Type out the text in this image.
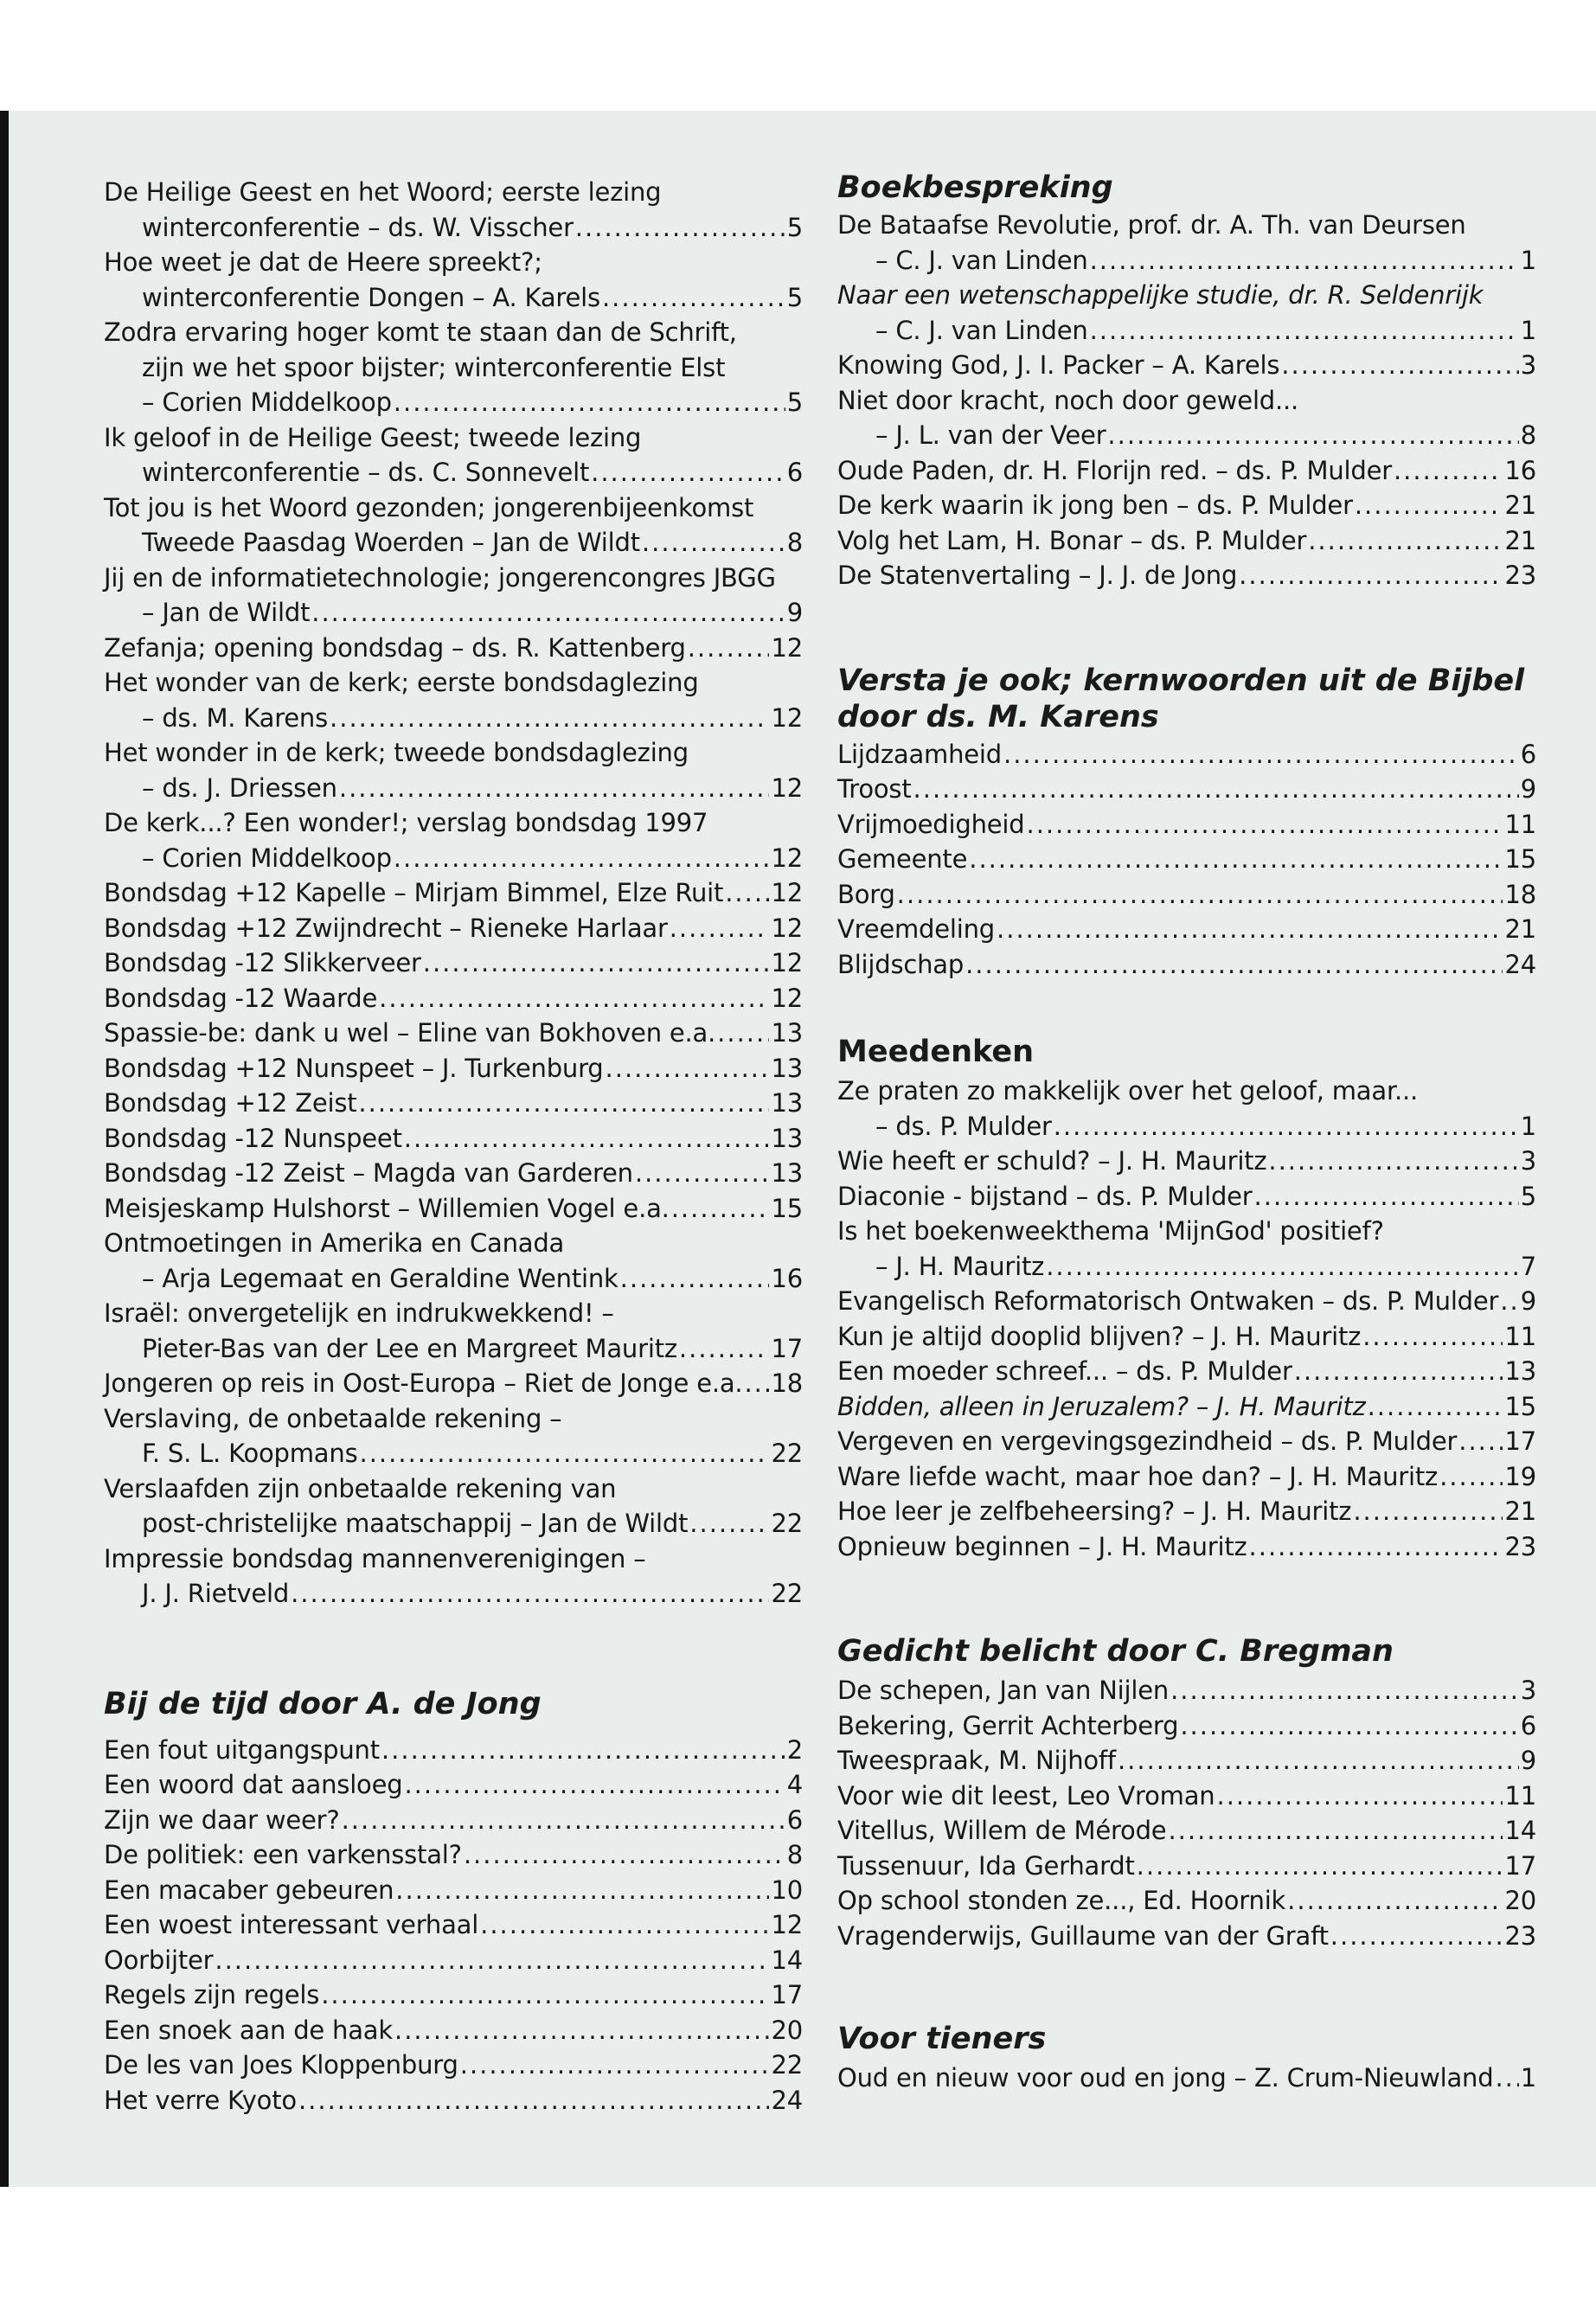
De Heilige Geest en het Woord; eerste lezing
winterconferentie – ds. W. Visscher .....	5
Hoe weet je dat de Heere spreekt?;
winterconferentie Dongen – A. Karels .....	5
Zodra ervaring hoger komt te staan dan de Schrift,
zijn we het spoor bijster; winterconferentie Elst
– Corien Middelkoop .....	5
Ik geloof in de Heilige Geest; tweede lezing
winterconferentie – ds. C. Sonnevelt .....	6
Tot jou is het Woord gezonden; jongerenbijeenkomst
Tweede Paasdag Woerden – Jan de Wildt .....	8
Jij en de informatietechnologie; jongerencongres JBGG
– Jan de Wildt .....	9
Zefanja; opening bondsdag – ds. R. Kattenberg .....	12
Het wonder van de kerk; eerste bondsdaglezing
– ds. M. Karens .....	12
Het wonder in de kerk; tweede bondsdaglezing
– ds. J. Driessen .....	12
De kerk...? Een wonder!; verslag bondsdag 1997
– Corien Middelkoop .....	12
Bondsdag +12 Kapelle – Mirjam Bimmel, Elze Ruit ..... 12
Bondsdag +12 Zwijndrecht – Rieneke Harlaar .....	12
Bondsdag -12 Slikkerveer .....	12
Bondsdag -12 Waarde .....	12
Spassie-be: dank u wel – Eline van Bokhoven e.a. ..... 13
Bondsdag +12 Nunspeet – J. Turkenburg .....	13
Bondsdag +12 Zeist .....	13
Bondsdag -12 Nunspeet .....	13
Bondsdag -12 Zeist – Magda van Garderen .....	13
Meisjeskamp Hulshorst – Willemien Vogel e.a. .....	15
Ontmoetingen in Amerika en Canada
– Arja Legemaat en Geraldine Wentink .....	16
Israël: onvergetelijk en indrukwekkend! –
Pieter-Bas van der Lee en Margreet Mauritz .....	17
Jongeren op reis in Oost-Europa – Riet de Jonge e.a. ..... 18
Verslaving, de onbetaalde rekening –
F. S. L. Koopmans .....	22
Verslaafden zijn onbetaalde rekening van
post-christelijke maatschappij – Jan de Wildt .....	22
Impressie bondsdag mannenverenigingen –
J. J. Rietveld .....	22
Bij de tijd door A. de Jong
Een fout uitgangspunt .....	2
Een woord dat aansloeg .....	4
Zijn we daar weer? .....	6
De politiek: een varkensstal? .....	8
Een macaber gebeuren .....	10
Een woest interessant verhaal .....	12
Oorbijter .....	14
Regels zijn regels .....	17
Een snoek aan de haak .....	20
De les van Joes Kloppenburg .....	22
Het verre Kyoto .....	24
Boekbespreking
De Bataafse Revolutie, prof. dr. A. Th. van Deursen
– C. J. van Linden .....	1
Naar een wetenschappelijke studie, dr. R. Seldenrijk
– C. J. van Linden .....	1
Knowing God, J. I. Packer – A. Karels .....	3
Niet door kracht, noch door geweld...
– J. L. van der Veer .....	8
Oude Paden, dr. H. Florijn red. – ds. P. Mulder .....	16
De kerk waarin ik jong ben – ds. P. Mulder .....	21
Volg het Lam, H. Bonar – ds. P. Mulder .....	21
De Statenvertaling – J. J. de Jong .....	23
Versta je ook; kernwoorden uit de Bijbel
door ds. M. Karens
Lijdzaamheid .....	6
Troost .....	9
Vrijmoedigheid .....	11
Gemeente .....	15
Borg .....	18
Vreemdeling .....	21
Blijdschap .....	24
Meedenken
Ze praten zo makkelijk over het geloof, maar...
– ds. P. Mulder .....	1
Wie heeft er schuld? – J. H. Mauritz .....	3
Diaconie - bijstand – ds. P. Mulder .....	5
Is het boekenweekthema 'MijnGod' positief?
– J. H. Mauritz .....	7
Evangelisch Reformatorisch Ontwaken – ds. P. Mulder ..... 9
Kun je altijd dooplid blijven? – J. H. Mauritz .....	11
Een moeder schreef... – ds. P. Mulder .....	13
Bidden, alleen in Jeruzalem? – J. H. Mauritz .....	15
Vergeven en vergevingsgezindheid – ds. P. Mulder ..... 17
Ware liefde wacht, maar hoe dan? – J. H. Mauritz .....	19
Hoe leer je zelfbeheersing? – J. H. Mauritz .....	21
Opnieuw beginnen – J. H. Mauritz .....	23
Gedicht belicht door C. Bregman
De schepen, Jan van Nijlen .....	3
Bekering, Gerrit Achterberg .....	6
Tweespraak, M. Nijhoff .....	9
Voor wie dit leest, Leo Vroman .....	11
Vitellus, Willem de Mérode .....	14
Tussenuur, Ida Gerhardt .....	17
Op school stonden ze..., Ed. Hoornik .....	20
Vragenderwijs, Guillaume van der Graft .....	23
Voor tieners
Oud en nieuw voor oud en jong – Z. Crum-Nieuwland ..... 1
